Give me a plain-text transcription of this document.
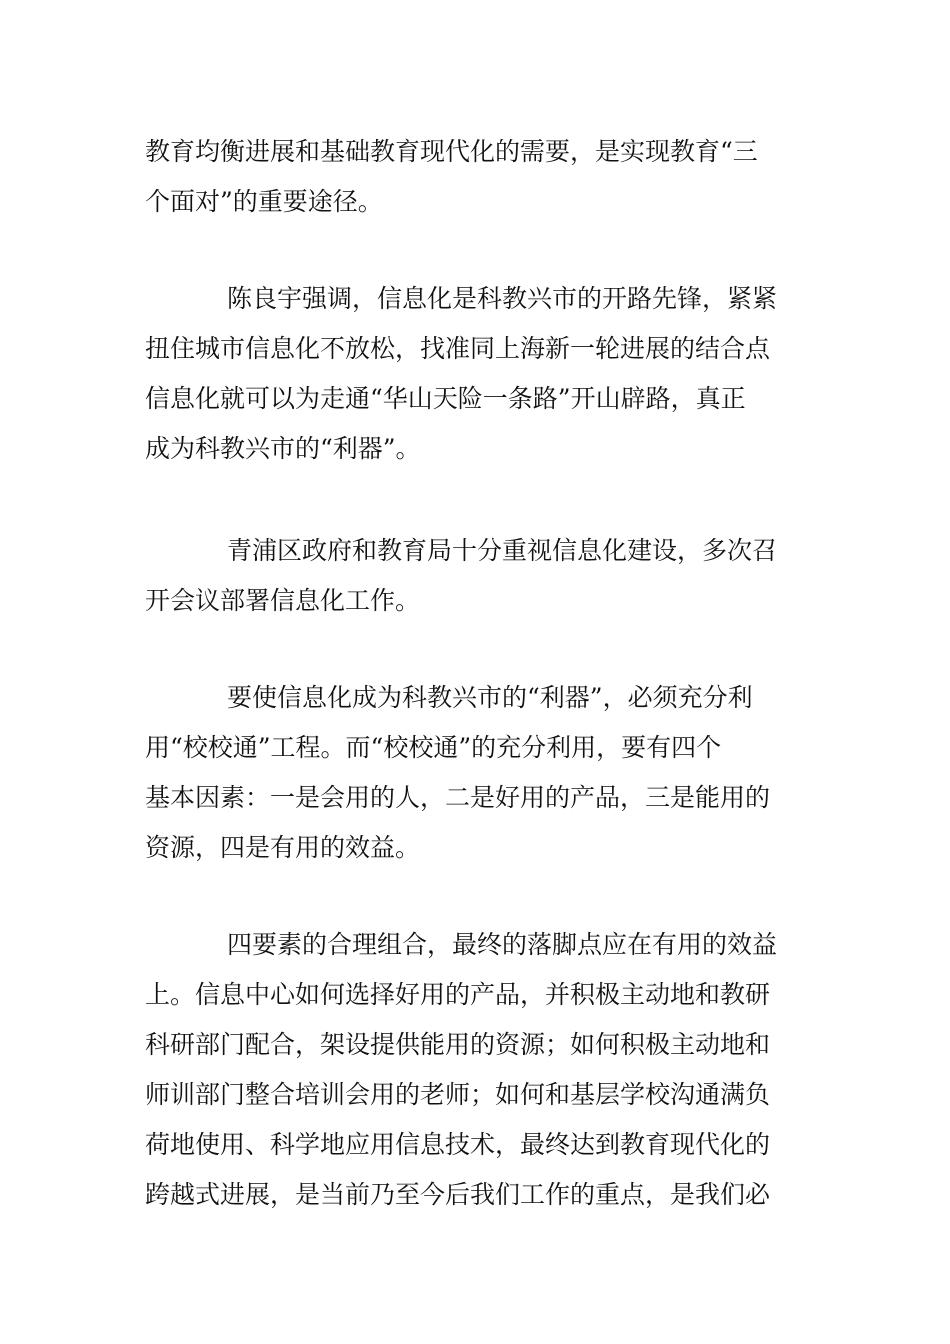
教育均衡进展和基础教育现代化的需要，是实现教育“三
个面对”的重要途径。
陈良宇强调，信息化是科教兴市的开路先锋，紧紧
扭住城市信息化不放松，找准同上海新一轮进展的结合点
信息化就可以为走通“华山天险一条路”开山辟路，真正
成为科教兴市的“利器”。
青浦区政府和教育局十分重视信息化建设，多次召
开会议部署信息化工作。
要使信息化成为科教兴市的“利器”，必须充分利
用“校校通”工程。而“校校通”的充分利用，要有四个
基本因素：一是会用的人，二是好用的产品，三是能用的
资源，四是有用的效益。
四要素的合理组合，最终的落脚点应在有用的效益
上。信息中心如何选择好用的产品，并积极主动地和教研
科研部门配合，架设提供能用的资源；如何积极主动地和
师训部门整合培训会用的老师；如何和基层学校沟通满负
荷地使用、科学地应用信息技术，最终达到教育现代化的
跨越式进展，是当前乃至今后我们工作的重点，是我们必
